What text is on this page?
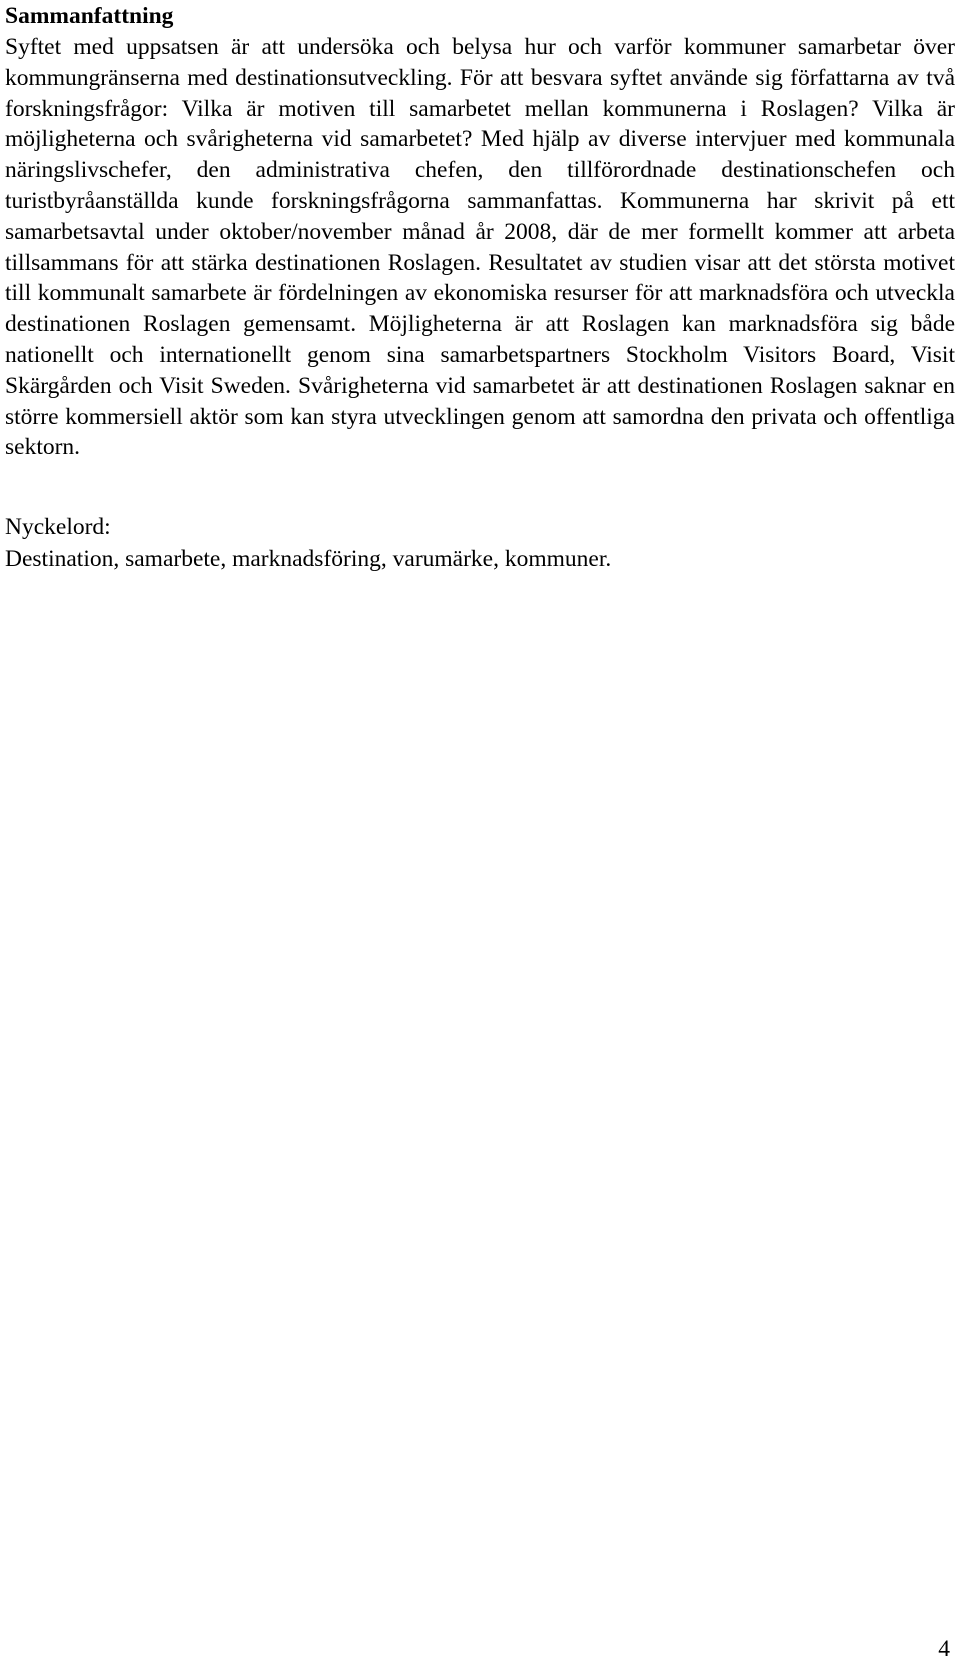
Sammanfattning

Syftet med uppsatsen är att undersöka och belysa hur och varför kommuner samarbetar över kommungränserna med destinationsutveckling. För att besvara syftet använde sig författarna av två forskningsfrågor: Vilka är motiven till samarbetet mellan kommunerna i Roslagen? Vilka är möjligheterna och svårigheterna vid samarbetet? Med hjälp av diverse intervjuer med kommunala näringslivschefer, den administrativa chefen, den tillförordnade destinationschefen och turistbyråanställda kunde forskningsfrågorna sammanfattas. Kommunerna har skrivit på ett samarbetsavtal under oktober/november månad år 2008, där de mer formellt kommer att arbeta tillsammans för att stärka destinationen Roslagen. Resultatet av studien visar att det största motivet till kommunalt samarbete är fördelningen av ekonomiska resurser för att marknadsföra och utveckla destinationen Roslagen gemensamt. Möjligheterna är att Roslagen kan marknadsföra sig både nationellt och internationellt genom sina samarbetspartners Stockholm Visitors Board, Visit Skärgården och Visit Sweden. Svårigheterna vid samarbetet är att destinationen Roslagen saknar en större kommersiell aktör som kan styra utvecklingen genom att samordna den privata och offentliga sektorn.

Nyckelord:

Destination, samarbete, marknadsföring, varumärke, kommuner.

4
